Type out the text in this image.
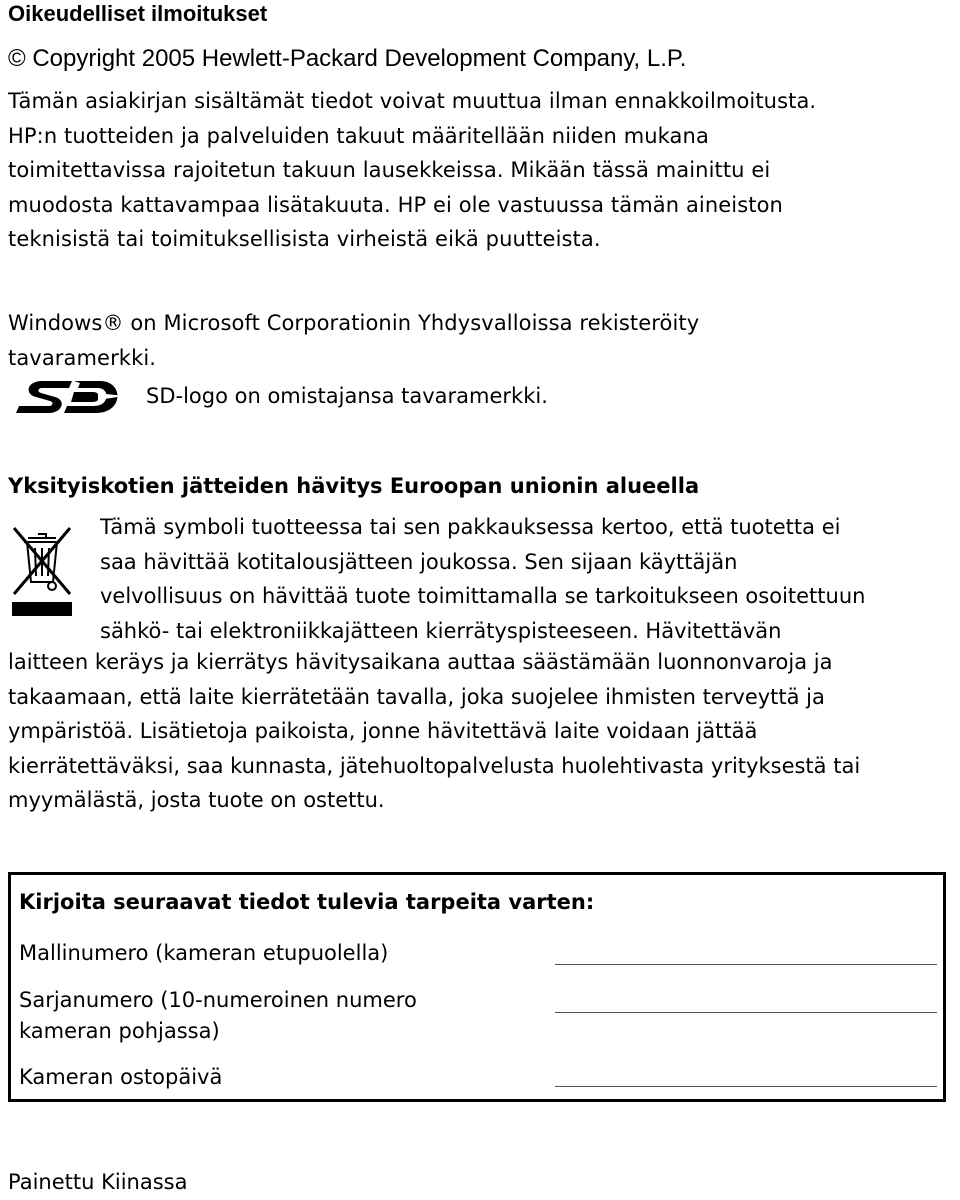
Oikeudelliset ilmoitukset
© Copyright 2005 Hewlett-Packard Development Company, L.P.
Tämän asiakirjan sisältämät tiedot voivat muuttua ilman ennakkoilmoitusta.
HP:n tuotteiden ja palveluiden takuut määritellään niiden mukana
toimitettavissa rajoitetun takuun lausekkeissa. Mikään tässä mainittu ei
muodosta kattavampaa lisätakuuta. HP ei ole vastuussa tämän aineiston
teknisistä tai toimituksellisista virheistä eikä puutteista.
Windows® on Microsoft Corporationin Yhdysvalloissa rekisteröity
tavaramerkki.
SD-logo on omistajansa tavaramerkki.
Yksityiskotien jätteiden hävitys Euroopan unionin alueella
Tämä symboli tuotteessa tai sen pakkauksessa kertoo, että tuotetta ei
saa hävittää kotitalousjätteen joukossa. Sen sijaan käyttäjän
velvollisuus on hävittää tuote toimittamalla se tarkoitukseen osoitettuun
sähkö- tai elektroniikkajätteen kierrätyspisteeseen. Hävitettävän
laitteen keräys ja kierrätys hävitysaikana auttaa säästämään luonnonvaroja ja
takaamaan, että laite kierrätetään tavalla, joka suojelee ihmisten terveyttä ja
ympäristöä. Lisätietoja paikoista, jonne hävitettävä laite voidaan jättää
kierrätettäväksi, saa kunnasta, jätehuoltopalvelusta huolehtivasta yrityksestä tai
myymälästä, josta tuote on ostettu.
Kirjoita seuraavat tiedot tulevia tarpeita varten:
Mallinumero (kameran etupuolella)
Sarjanumero (10-numeroinen numero
kameran pohjassa)
Kameran ostopäivä
Painettu Kiinassa
